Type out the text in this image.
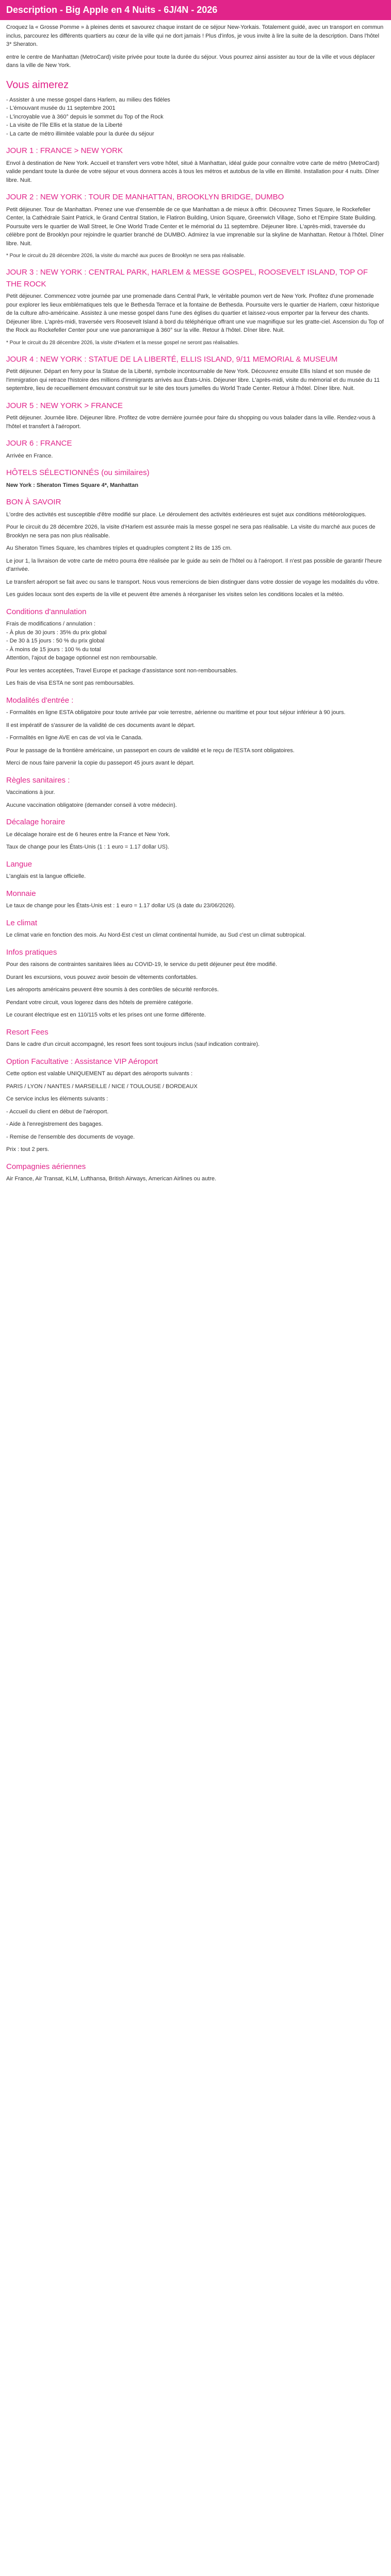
Description - Big Apple en 4 Nuits - 6J/4N - 2026

Croquez la « Grosse Pomme » à pleines dents et savourez chaque instant de ce séjour New-Yorkais. Totalement guidé, avec un transport en commun inclus, parcourez les différents quartiers au cœur de la ville qui ne dort jamais ! Plus d'infos, je vous invite à lire la suite de la description. Dans l'hôtel 3* Sheraton.

entre le centre de Manhattan (MetroCard) visite privée pour toute la durée du séjour. Vous pourrez ainsi assister au tour de la ville et vous déplacer dans la ville de New York.

Vous aimerez
- Assister à une messe gospel dans Harlem, au milieu des fidèles
- L'émouvant musée du 11 septembre 2001
- L'incroyable vue à 360° depuis le sommet du Top of the Rock
- La visite de l'île Ellis et la statue de la Liberté
- La carte de métro illimitée valable pour la durée du séjour
JOUR 1 : FRANCE > NEW YORK

Envol à destination de New York. Accueil et transfert vers votre hôtel, situé à Manhattan, idéal guide pour connaître votre carte de métro (MetroCard) valide pendant toute la durée de votre séjour et vous donnera accès à tous les métros et autobus de la ville en illimité. Installation pour 4 nuits. Dîner libre. Nuit.

JOUR 2 : NEW YORK : TOUR DE MANHATTAN, BROOKLYN BRIDGE, DUMBO

Petit déjeuner. Tour de Manhattan. Prenez une vue d'ensemble de ce que Manhattan a de mieux à offrir. Découvrez Times Square, le Rockefeller Center, la Cathédrale Saint Patrick, le Grand Central Station, le Flatiron Building, Union Square, Greenwich Village, Soho et l'Empire State Building. Poursuite vers le quartier de Wall Street, le One World Trade Center et le mémorial du 11 septembre. Déjeuner libre. L'après-midi, traversée du célèbre pont de Brooklyn pour rejoindre le quartier branché de DUMBO. Admirez la vue imprenable sur la skyline de Manhattan. Retour à l'hôtel. Dîner libre. Nuit.

* Pour le circuit du 28 décembre 2026, la visite du marché aux puces de Brooklyn ne sera pas réalisable.

JOUR 3 : NEW YORK : CENTRAL PARK, HARLEM & MESSE GOSPEL, ROOSEVELT ISLAND, TOP OF THE ROCK

Petit déjeuner. Commencez votre journée par une promenade dans Central Park, le véritable poumon vert de New York. Profitez d'une promenade pour explorer les lieux emblématiques tels que le Bethesda Terrace et la fontaine de Bethesda. Poursuite vers le quartier de Harlem, cœur historique de la culture afro-américaine. Assistez à une messe gospel dans l'une des églises du quartier et laissez-vous emporter par la ferveur des chants. Déjeuner libre. L'après-midi, traversée vers Roosevelt Island à bord du téléphérique offrant une vue magnifique sur les gratte-ciel. Ascension du Top of the Rock au Rockefeller Center pour une vue panoramique à 360° sur la ville. Retour à l'hôtel. Dîner libre. Nuit.

* Pour le circuit du 28 décembre 2026, la visite d'Harlem et la messe gospel ne seront pas réalisables.

JOUR 4 : NEW YORK : STATUE DE LA LIBERTÉ, ELLIS ISLAND, 9/11 MEMORIAL & MUSEUM

Petit déjeuner. Départ en ferry pour la Statue de la Liberté, symbole incontournable de New York. Découvrez ensuite Ellis Island et son musée de l'immigration qui retrace l'histoire des millions d'immigrants arrivés aux États-Unis. Déjeuner libre. L'après-midi, visite du mémorial et du musée du 11 septembre, lieu de recueillement émouvant construit sur le site des tours jumelles du World Trade Center. Retour à l'hôtel. Dîner libre. Nuit.

JOUR 5 : NEW YORK > FRANCE

Petit déjeuner. Journée libre. Déjeuner libre. Profitez de votre dernière journée pour faire du shopping ou vous balader dans la ville. Rendez-vous à l'hôtel et transfert à l'aéroport.

JOUR 6 : FRANCE

Arrivée en France.

HÔTELS SÉLECTIONNÉS (ou similaires)

New York : Sheraton Times Square 4*, Manhattan

BON À SAVOIR

L'ordre des activités est susceptible d'être modifié sur place. Le déroulement des activités extérieures est sujet aux conditions météorologiques.

Pour le circuit du 28 décembre 2026, la visite d'Harlem est assurée mais la messe gospel ne sera pas réalisable. La visite du marché aux puces de Brooklyn ne sera pas non plus réalisable.

Au Sheraton Times Square, les chambres triples et quadruples comptent 2 lits de 135 cm.

Le jour 1, la livraison de votre carte de métro pourra être réalisée par le guide au sein de l'hôtel ou à l'aéroport. Il n'est pas possible de garantir l'heure d'arrivée.

Le transfert aéroport se fait avec ou sans le transport. Nous vous remercions de bien distinguer dans votre dossier de voyage les modalités du vôtre.

Les guides locaux sont des experts de la ville et peuvent être amenés à réorganiser les visites selon les conditions locales et la météo.

Conditions d'annulation
Frais de modifications / annulation :
- À plus de 30 jours : 35% du prix global
- De 30 à 15 jours : 50 % du prix global
- À moins de 15 jours : 100 % du total
Attention, l'ajout de bagage optionnel est non remboursable.

Pour les ventes acceptées, Travel Europe et package d'assistance sont non-remboursables.

Les frais de visa ESTA ne sont pas remboursables.

Modalités d'entrée :

- Formalités en ligne ESTA obligatoire pour toute arrivée par voie terrestre, aérienne ou maritime et pour tout séjour inférieur à 90 jours.

Il est impératif de s'assurer de la validité de ces documents avant le départ.

- Formalités en ligne AVE en cas de vol via le Canada.

Pour le passage de la frontière américaine, un passeport en cours de validité et le reçu de l'ESTA sont obligatoires.

Merci de nous faire parvenir la copie du passeport 45 jours avant le départ.

Règles sanitaires :

Vaccinations à jour.

Aucune vaccination obligatoire (demander conseil à votre médecin).

Décalage horaire

Le décalage horaire est de 6 heures entre la France et New York.

Taux de change pour les États-Unis (1 : 1 euro = 1.17 dollar US).

Langue

L'anglais est la langue officielle.

Monnaie

Le taux de change pour les États-Unis est : 1 euro = 1.17 dollar US (à date du 23/06/2026).

Le climat

Le climat varie en fonction des mois. Au Nord-Est c'est un climat continental humide, au Sud c'est un climat subtropical.

Infos pratiques

Pour des raisons de contraintes sanitaires liées au COVID-19, le service du petit déjeuner peut être modifié.

Durant les excursions, vous pouvez avoir besoin de vêtements confortables.

Les aéroports américains peuvent être soumis à des contrôles de sécurité renforcés.

Pendant votre circuit, vous logerez dans des hôtels de première catégorie.

Le courant électrique est en 110/115 volts et les prises ont une forme différente.

Resort Fees

Dans le cadre d'un circuit accompagné, les resort fees sont toujours inclus (sauf indication contraire).

Option Facultative : Assistance VIP Aéroport

Cette option est valable UNIQUEMENT au départ des aéroports suivants :

PARIS / LYON / NANTES / MARSEILLE / NICE / TOULOUSE / BORDEAUX

Ce service inclus les éléments suivants :

- Accueil du client en début de l'aéroport.

- Aide à l'enregistrement des bagages.

- Remise de l'ensemble des documents de voyage.

Prix : tout 2 pers.

Compagnies aériennes

Air France, Air Transat, KLM, Lufthansa, British Airways, American Airlines ou autre.
